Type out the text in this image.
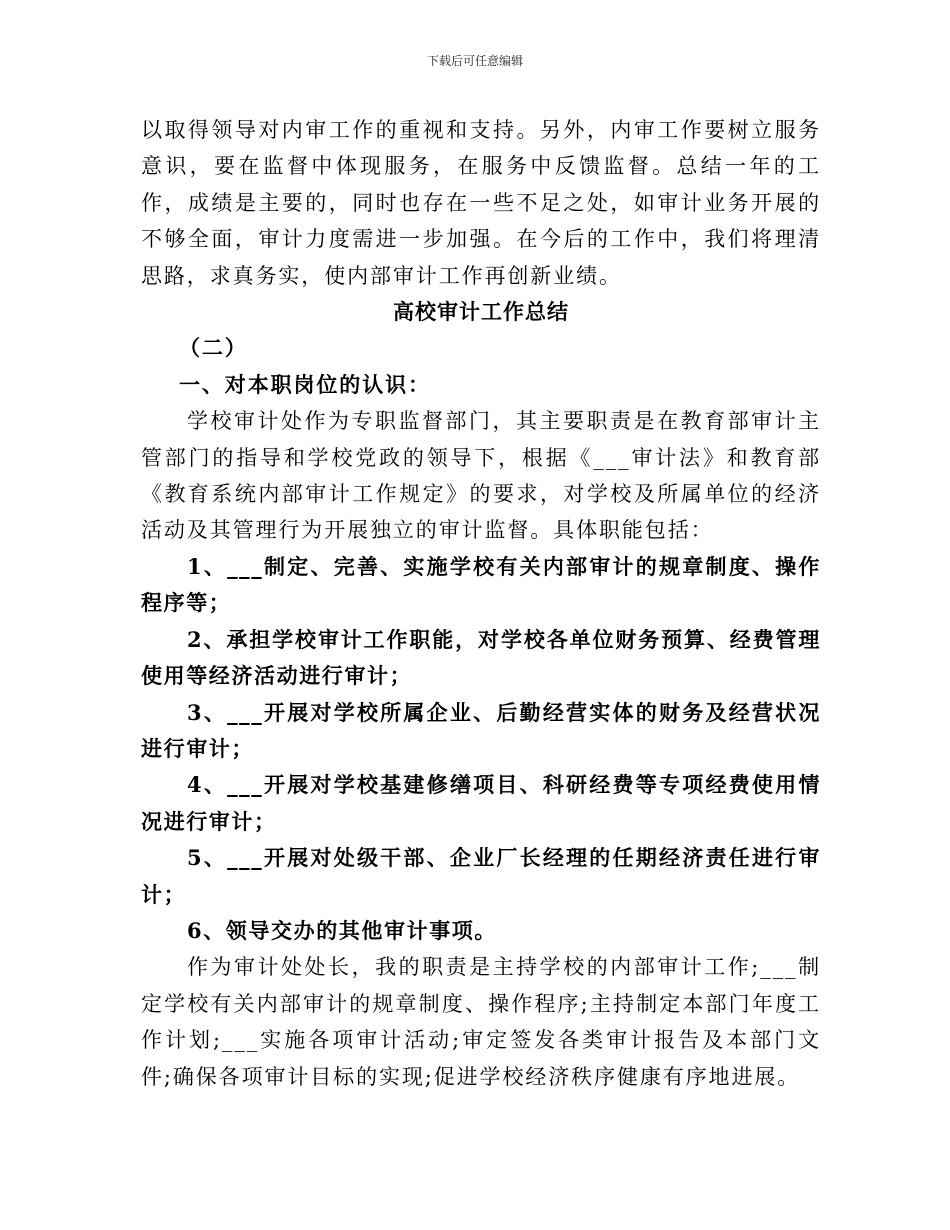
下载后可任意编辑

以取得领导对内审工作的重视和支持。另外，内审工作要树立服务意识，要在监督中体现服务，在服务中反馈监督。总结一年的工作，成绩是主要的，同时也存在一些不足之处，如审计业务开展的不够全面，审计力度需进一步加强。在今后的工作中，我们将理清思路，求真务实，使内部审计工作再创新业绩。

高校审计工作总结

（二）

一、对本职岗位的认识：

学校审计处作为专职监督部门，其主要职责是在教育部审计主管部门的指导和学校党政的领导下，根据《___审计法》和教育部《教育系统内部审计工作规定》的要求，对学校及所属单位的经济活动及其管理行为开展独立的审计监督。具体职能包括：

1、___制定、完善、实施学校有关内部审计的规章制度、操作程序等；

2、承担学校审计工作职能，对学校各单位财务预算、经费管理使用等经济活动进行审计；

3、___开展对学校所属企业、后勤经营实体的财务及经营状况进行审计；

4、___开展对学校基建修缮项目、科研经费等专项经费使用情况进行审计；

5、___开展对处级干部、企业厂长经理的任期经济责任进行审计；

6、领导交办的其他审计事项。

作为审计处处长，我的职责是主持学校的内部审计工作;___制定学校有关内部审计的规章制度、操作程序;主持制定本部门年度工作计划;___实施各项审计活动;审定签发各类审计报告及本部门文件;确保各项审计目标的实现;促进学校经济秩序健康有序地进展。
